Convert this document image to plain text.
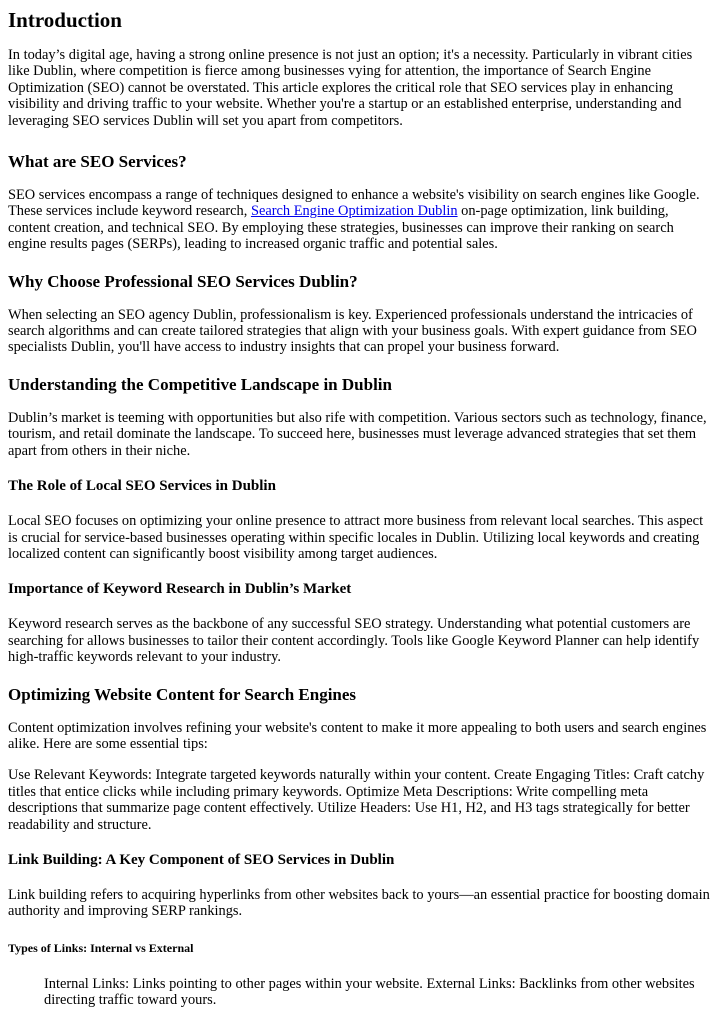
Introduction

In today’s digital age, having a strong online presence is not just an option; it's a necessity. Particularly in vibrant cities like Dublin, where competition is fierce among businesses vying for attention, the importance of Search Engine Optimization (SEO) cannot be overstated. This article explores the critical role that SEO services play in enhancing visibility and driving traffic to your website. Whether you're a startup or an established enterprise, understanding and leveraging SEO services Dublin will set you apart from competitors.

What are SEO Services?

SEO services encompass a range of techniques designed to enhance a website's visibility on search engines like Google. These services include keyword research, Search Engine Optimization Dublin on-page optimization, link building, content creation, and technical SEO. By employing these strategies, businesses can improve their ranking on search engine results pages (SERPs), leading to increased organic traffic and potential sales.

Why Choose Professional SEO Services Dublin?

When selecting an SEO agency Dublin, professionalism is key. Experienced professionals understand the intricacies of search algorithms and can create tailored strategies that align with your business goals. With expert guidance from SEO specialists Dublin, you'll have access to industry insights that can propel your business forward.

Understanding the Competitive Landscape in Dublin

Dublin’s market is teeming with opportunities but also rife with competition. Various sectors such as technology, finance, tourism, and retail dominate the landscape. To succeed here, businesses must leverage advanced strategies that set them apart from others in their niche.

The Role of Local SEO Services in Dublin

Local SEO focuses on optimizing your online presence to attract more business from relevant local searches. This aspect is crucial for service-based businesses operating within specific locales in Dublin. Utilizing local keywords and creating localized content can significantly boost visibility among target audiences.

Importance of Keyword Research in Dublin’s Market

Keyword research serves as the backbone of any successful SEO strategy. Understanding what potential customers are searching for allows businesses to tailor their content accordingly. Tools like Google Keyword Planner can help identify high-traffic keywords relevant to your industry.

Optimizing Website Content for Search Engines

Content optimization involves refining your website's content to make it more appealing to both users and search engines alike. Here are some essential tips:

Use Relevant Keywords: Integrate targeted keywords naturally within your content. Create Engaging Titles: Craft catchy titles that entice clicks while including primary keywords. Optimize Meta Descriptions: Write compelling meta descriptions that summarize page content effectively. Utilize Headers: Use H1, H2, and H3 tags strategically for better readability and structure.

Link Building: A Key Component of SEO Services in Dublin

Link building refers to acquiring hyperlinks from other websites back to yours—an essential practice for boosting domain authority and improving SERP rankings.

Types of Links: Internal vs External

Internal Links: Links pointing to other pages within your website. External Links: Backlinks from other websites directing traffic toward yours.
